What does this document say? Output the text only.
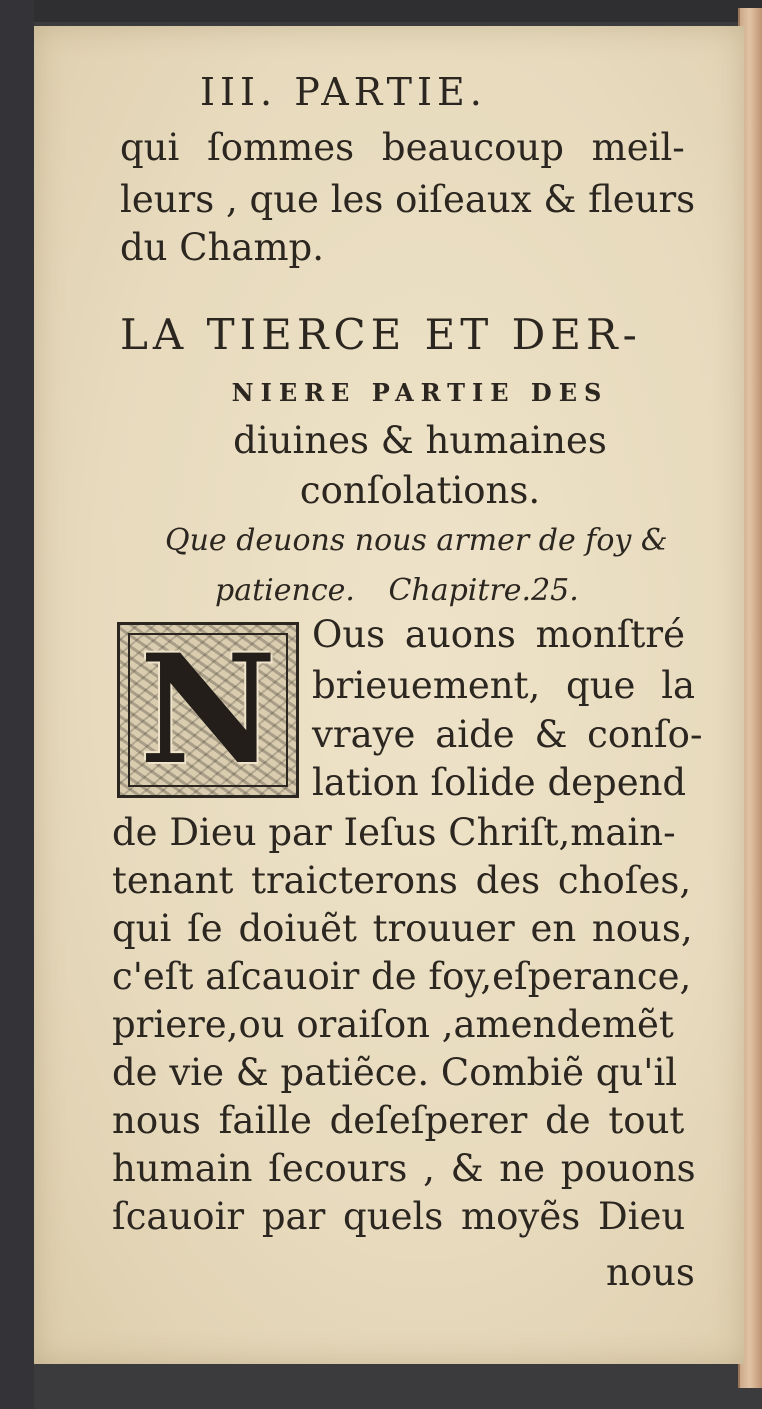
III. PARTIE.
qui ſommes beaucoup meil-
leurs , que les oiſeaux & fleurs
du Champ.
LA TIERCE ET DER-
NIERE PARTIE DES
diuines & humaines
conſolations.
Que deuons nous armer de foy &
patience. Chapitre.25.
N Ous auons monſtré
brieuement, que la
vraye aide & conſo-
lation ſolide depend
de Dieu par Ieſus Chriſt,main-
tenant traicterons des choſes,
qui ſe doiuẽt trouuer en nous,
c'eſt aſcauoir de foy,eſperance,
priere,ou oraiſon ,amendemẽt
de vie & patiẽce. Combiẽ qu'il
nous faille deſeſperer de tout
humain ſecours , & ne pouons
ſcauoir par quels moyẽs Dieu
nous
